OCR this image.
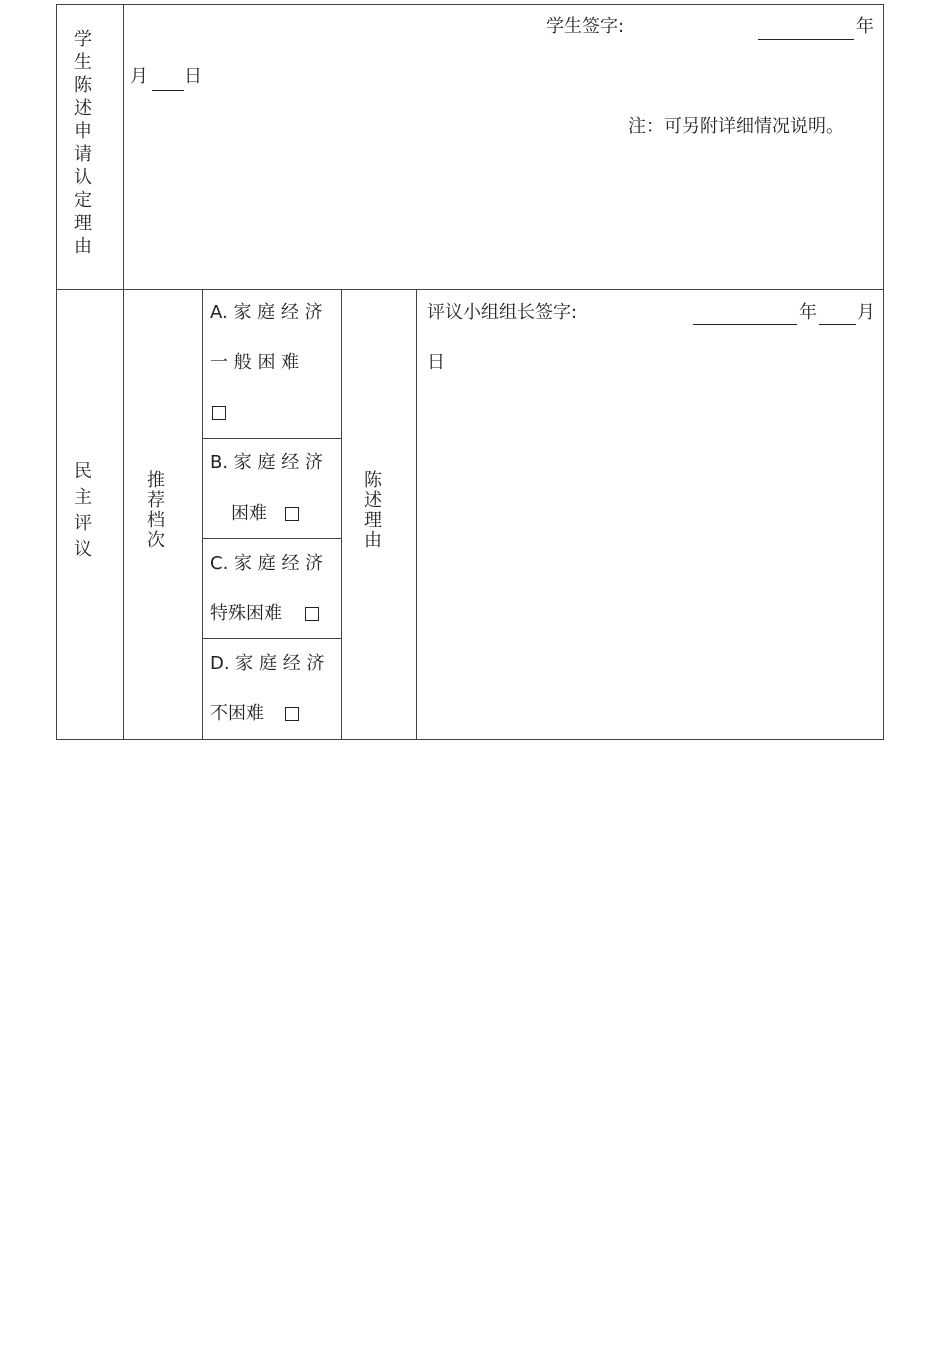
学
生
陈
述
申
请
认
定
理
由
学生签字:	年
月 日
注：可另附详细情况说明。
民
主
评
议
推
荐
档
次
陈
述
理
由
A. 家 庭 经 济
一 般 困 难
B. 家 庭 经 济
困难
C. 家 庭 经 济
特殊困难
D. 家 庭 经 济
不困难
评议小组组长签字:	年 月
日
